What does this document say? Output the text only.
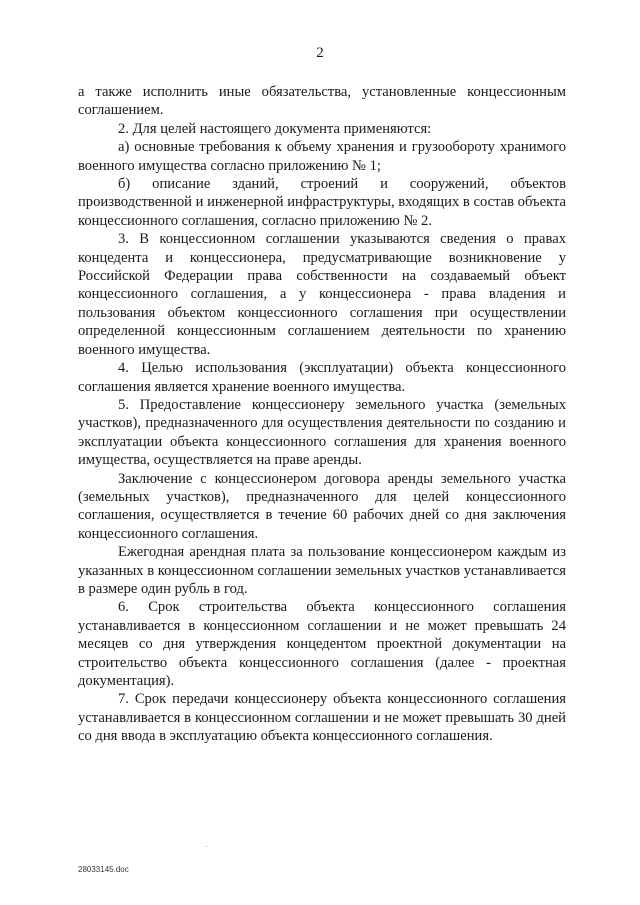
2

а также исполнить иные обязательства, установленные концессионным соглашением.

2. Для целей настоящего документа применяются:

а) основные требования к объему хранения и грузообороту хранимого военного имущества согласно приложению № 1;

б) описание зданий, строений и сооружений, объектов производственной и инженерной инфраструктуры, входящих в состав объекта концессионного соглашения, согласно приложению № 2.

3. В концессионном соглашении указываются сведения о правах концедента и концессионера, предусматривающие возникновение у Российской Федерации права собственности на создаваемый объект концессионного соглашения, а у концессионера - права владения и пользования объектом концессионного соглашения при осуществлении определенной концессионным соглашением деятельности по хранению военного имущества.

4. Целью использования (эксплуатации) объекта концессионного соглашения является хранение военного имущества.

5. Предоставление концессионеру земельного участка (земельных участков), предназначенного для осуществления деятельности по созданию и эксплуатации объекта концессионного соглашения для хранения военного имущества, осуществляется на праве аренды.

Заключение с концессионером договора аренды земельного участка (земельных участков), предназначенного для целей концессионного соглашения, осуществляется в течение 60 рабочих дней со дня заключения концессионного соглашения.

Ежегодная арендная плата за пользование концессионером каждым из указанных в концессионном соглашении земельных участков устанавливается в размере один рубль в год.

6. Срок строительства объекта концессионного соглашения устанавливается в концессионном соглашении и не может превышать 24 месяцев со дня утверждения концедентом проектной документации на строительство объекта концессионного соглашения (далее - проектная документация).

7. Срок передачи концессионеру объекта концессионного соглашения устанавливается в концессионном соглашении и не может превышать 30 дней со дня ввода в эксплуатацию объекта концессионного соглашения.

28033145.doc
